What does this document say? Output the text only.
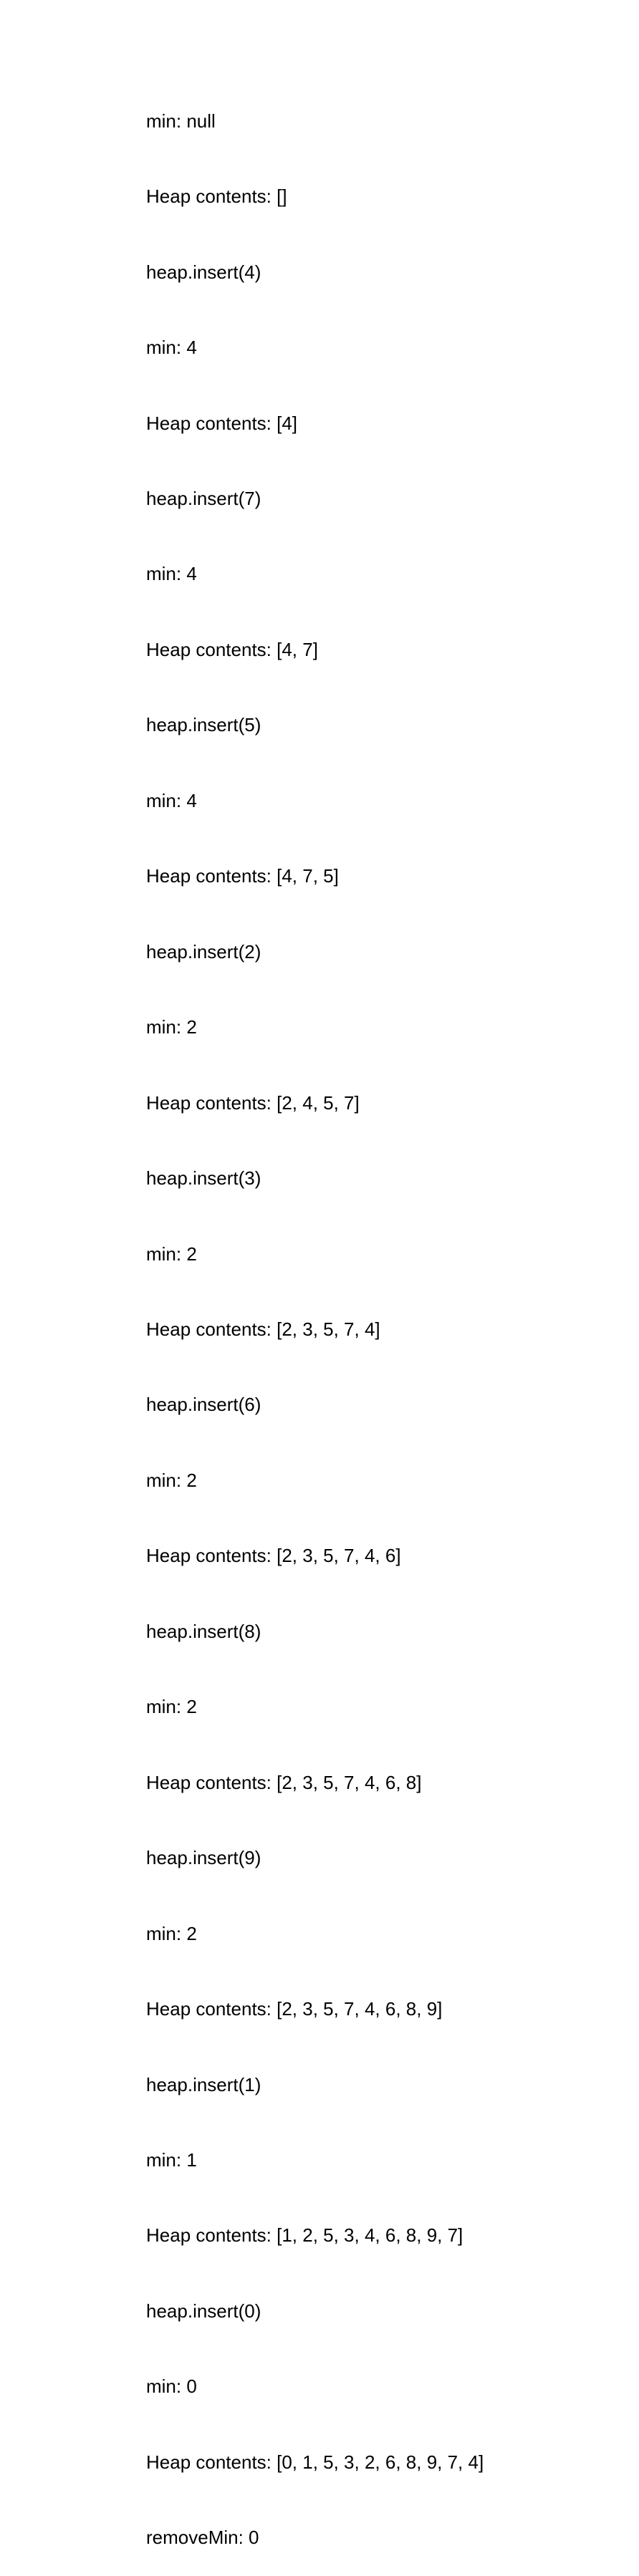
min: null

Heap contents: []

heap.insert(4)

min: 4

Heap contents: [4]

heap.insert(7)

min: 4

Heap contents: [4, 7]

heap.insert(5)

min: 4

Heap contents: [4, 7, 5]

heap.insert(2)

min: 2

Heap contents: [2, 4, 5, 7]

heap.insert(3)

min: 2

Heap contents: [2, 3, 5, 7, 4]

heap.insert(6)

min: 2

Heap contents: [2, 3, 5, 7, 4, 6]

heap.insert(8)

min: 2

Heap contents: [2, 3, 5, 7, 4, 6, 8]

heap.insert(9)

min: 2

Heap contents: [2, 3, 5, 7, 4, 6, 8, 9]

heap.insert(1)

min: 1

Heap contents: [1, 2, 5, 3, 4, 6, 8, 9, 7]

heap.insert(0)

min: 0

Heap contents: [0, 1, 5, 3, 2, 6, 8, 9, 7, 4]

removeMin: 0
